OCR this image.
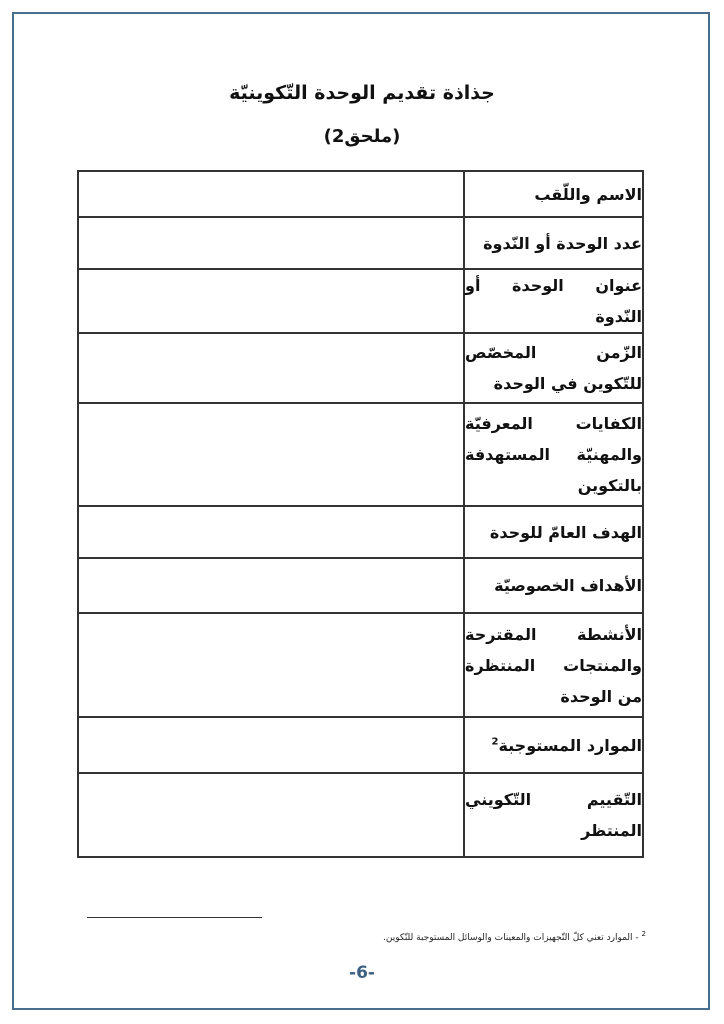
جذاذة تقديم الوحدة التّكوينيّة
(ملحق2)
الاسم واللّقب	
عدد الوحدة أو النّدوة	
عنوان الوحدة أو النّدوة	
الزّمن المخصّص للتّكوين في الوحدة	
الكفايات المعرفيّة والمهنيّة المستهدفة بالتكوين	
الهدف العامّ للوحدة	
الأهداف الخصوصيّة	
الأنشطة المقترحة والمنتجات المنتظرة من الوحدة	
الموارد المستوجبة$^2$	
التّقييم التّكويني المنتظر	
$^2$ - الموارد تعني كلّ التّجهيزات والمعينات والوسائل المستوجبة للتّكوين.
-6-
